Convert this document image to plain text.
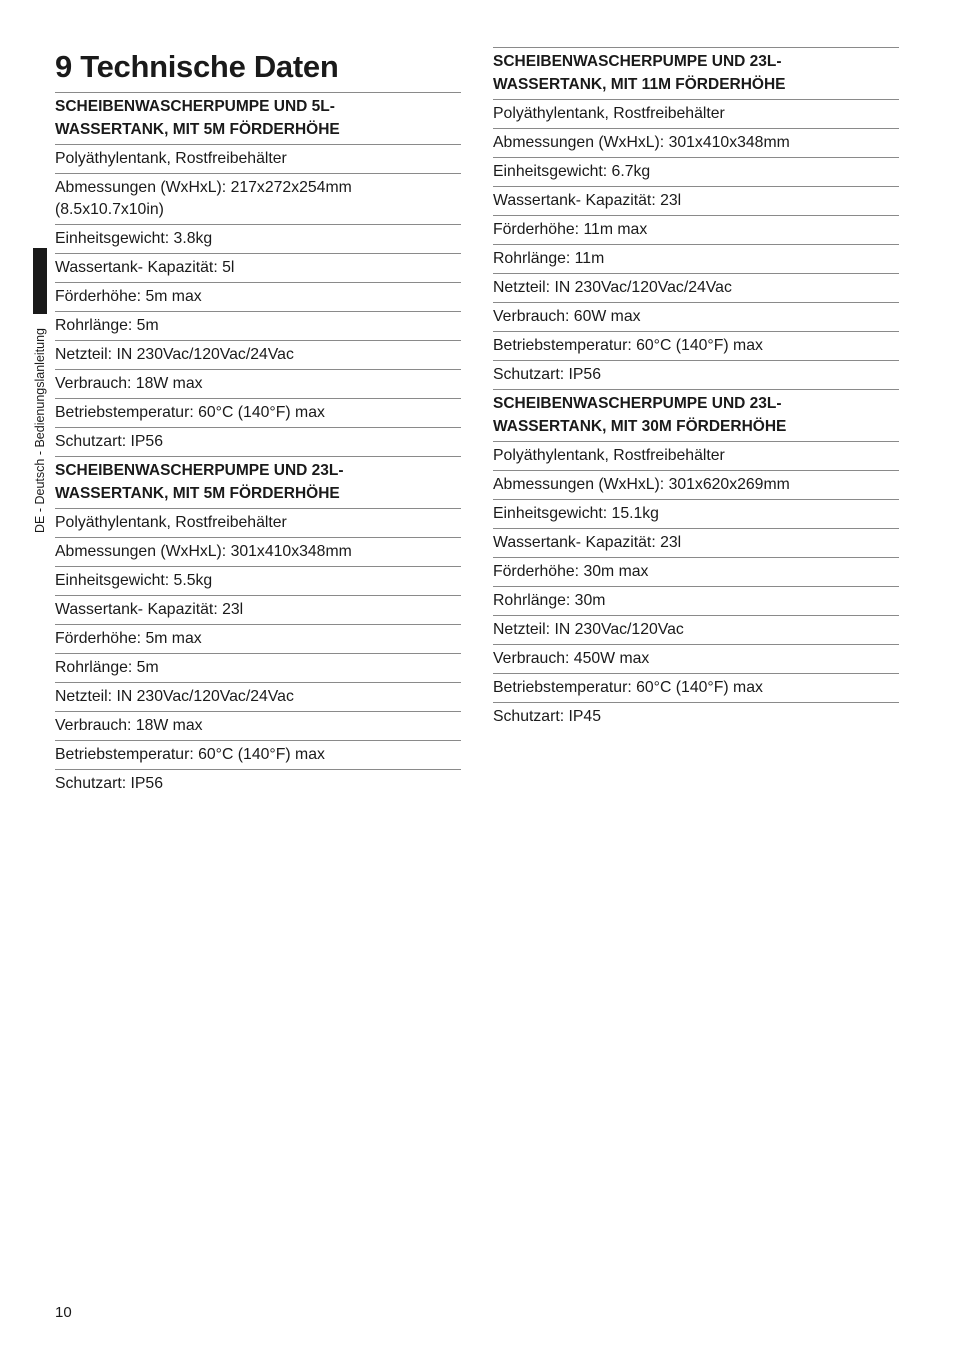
9 Technische Daten
DE - Deutsch - Bedienungslanleitung
SCHEIBENWASCHERPUMPE UND 5L-
WASSERTANK, MIT 5M FÖRDERHÖHE
Polyäthylentank, Rostfreibehälter
Abmessungen (WxHxL): 217x272x254mm
(8.5x10.7x10in)
Einheitsgewicht: 3.8kg
Wassertank- Kapazität: 5l
Förderhöhe: 5m max
Rohrlänge: 5m
Netzteil: IN 230Vac/120Vac/24Vac
Verbrauch: 18W max
Betriebstemperatur: 60°C (140°F) max
Schutzart: IP56
SCHEIBENWASCHERPUMPE UND 23L-
WASSERTANK, MIT 5M FÖRDERHÖHE
Polyäthylentank, Rostfreibehälter
Abmessungen (WxHxL): 301x410x348mm
Einheitsgewicht: 5.5kg
Wassertank- Kapazität: 23l
Förderhöhe: 5m max
Rohrlänge: 5m
Netzteil: IN 230Vac/120Vac/24Vac
Verbrauch: 18W max
Betriebstemperatur: 60°C (140°F) max
Schutzart: IP56
SCHEIBENWASCHERPUMPE UND 23L-
WASSERTANK, MIT 11M FÖRDERHÖHE
Polyäthylentank, Rostfreibehälter
Abmessungen (WxHxL): 301x410x348mm
Einheitsgewicht: 6.7kg
Wassertank- Kapazität: 23l
Förderhöhe: 11m max
Rohrlänge: 11m
Netzteil: IN 230Vac/120Vac/24Vac
Verbrauch: 60W max
Betriebstemperatur: 60°C (140°F) max
Schutzart: IP56
SCHEIBENWASCHERPUMPE UND 23L-
WASSERTANK, MIT 30M FÖRDERHÖHE
Polyäthylentank, Rostfreibehälter
Abmessungen (WxHxL): 301x620x269mm
Einheitsgewicht: 15.1kg
Wassertank- Kapazität: 23l
Förderhöhe: 30m max
Rohrlänge: 30m
Netzteil: IN 230Vac/120Vac
Verbrauch: 450W max
Betriebstemperatur: 60°C (140°F) max
Schutzart: IP45
10
